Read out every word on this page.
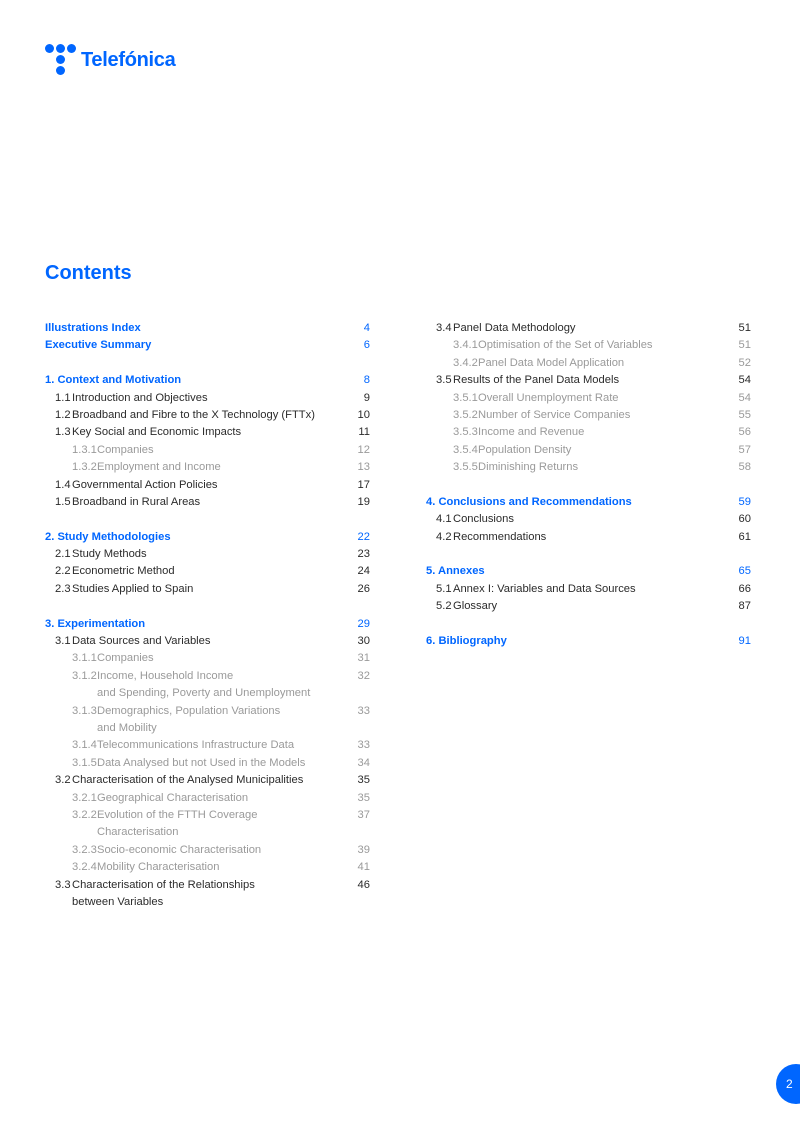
Telefónica
Contents
Illustrations Index	4
Executive Summary	6
1. Context and Motivation	8
1.1 Introduction and Objectives	9
1.2 Broadband and Fibre to the X Technology (FTTx)	10
1.3 Key Social and Economic Impacts	11
1.3.1 Companies	12
1.3.2 Employment and Income	13
1.4 Governmental Action Policies	17
1.5 Broadband in Rural Areas	19
2. Study Methodologies	22
2.1 Study Methods	23
2.2 Econometric Method	24
2.3 Studies Applied to Spain	26
3. Experimentation	29
3.1 Data Sources and Variables	30
3.1.1 Companies	31
3.1.2 Income, Household Income	32
and Spending, Poverty and Unemployment
3.1.3 Demographics, Population Variations	33
and Mobility
3.1.4 Telecommunications Infrastructure Data	33
3.1.5 Data Analysed but not Used in the Models	34
3.2 Characterisation of the Analysed Municipalities	35
3.2.1 Geographical Characterisation	35
3.2.2 Evolution of the FTTH Coverage	37
Characterisation
3.2.3 Socio-economic Characterisation	39
3.2.4 Mobility Characterisation	41
3.3 Characterisation of the Relationships	46
between Variables
3.4 Panel Data Methodology	51
3.4.1 Optimisation of the Set of Variables	51
3.4.2 Panel Data Model Application	52
3.5 Results of the Panel Data Models	54
3.5.1 Overall Unemployment Rate	54
3.5.2 Number of Service Companies	55
3.5.3 Income and Revenue	56
3.5.4 Population Density	57
3.5.5 Diminishing Returns	58
4. Conclusions and Recommendations	59
4.1 Conclusions	60
4.2 Recommendations	61
5. Annexes	65
5.1 Annex I: Variables and Data Sources	66
5.2 Glossary	87
6. Bibliography	91
2
